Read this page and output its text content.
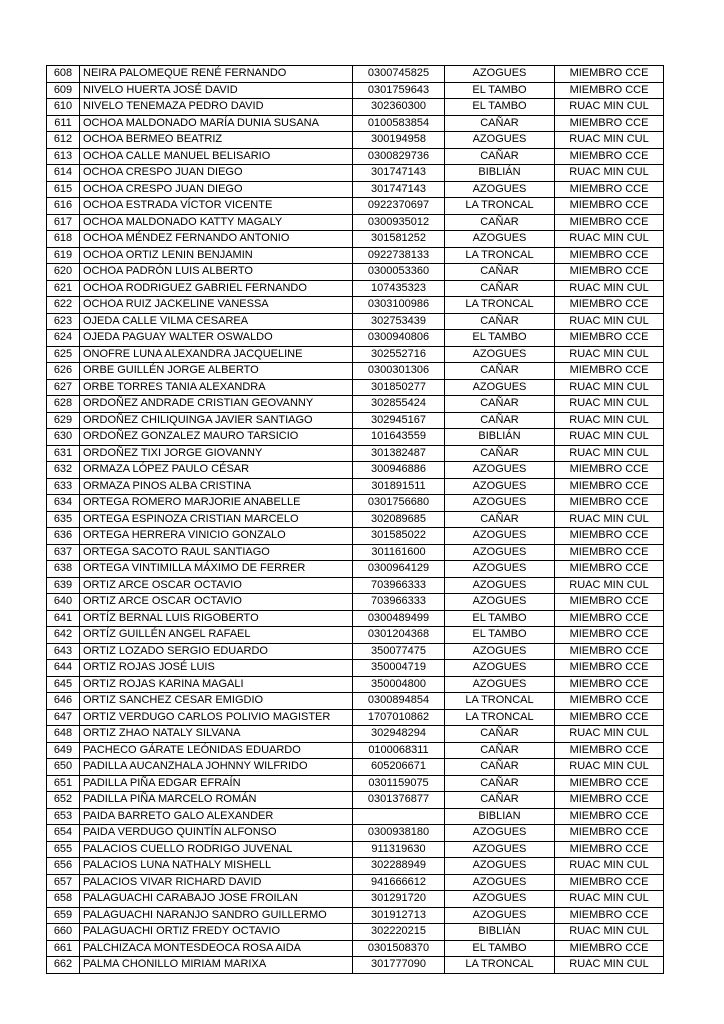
608	NEIRA PALOMEQUE RENÉ FERNANDO	0300745825	AZOGUES	MIEMBRO CCE
609	NIVELO HUERTA JOSÉ DAVID	0301759643	EL TAMBO	MIEMBRO CCE
610	NIVELO TENEMAZA PEDRO DAVID	302360300	EL TAMBO	RUAC MIN CUL
611	OCHOA MALDONADO MARÍA DUNIA SUSANA	0100583854	CAÑAR	MIEMBRO CCE
612	OCHOA BERMEO BEATRIZ	300194958	AZOGUES	RUAC MIN CUL
613	OCHOA CALLE MANUEL BELISARIO	0300829736	CAÑAR	MIEMBRO CCE
614	OCHOA CRESPO JUAN DIEGO	301747143	BIBLIÁN	RUAC MIN CUL
615	OCHOA CRESPO JUAN DIEGO	301747143	AZOGUES	MIEMBRO CCE
616	OCHOA ESTRADA VÍCTOR VICENTE	0922370697	LA TRONCAL	MIEMBRO CCE
617	OCHOA MALDONADO KATTY MAGALY	0300935012	CAÑAR	MIEMBRO CCE
618	OCHOA MÉNDEZ FERNANDO ANTONIO	301581252	AZOGUES	RUAC MIN CUL
619	OCHOA ORTIZ LENIN BENJAMIN	0922738133	LA TRONCAL	MIEMBRO CCE
620	OCHOA PADRÓN LUIS ALBERTO	0300053360	CAÑAR	MIEMBRO CCE
621	OCHOA RODRIGUEZ GABRIEL FERNANDO	107435323	CAÑAR	RUAC MIN CUL
622	OCHOA RUIZ JACKELINE VANESSA	0303100986	LA TRONCAL	MIEMBRO CCE
623	OJEDA CALLE VILMA CESAREA	302753439	CAÑAR	RUAC MIN CUL
624	OJEDA PAGUAY WALTER OSWALDO	0300940806	EL TAMBO	MIEMBRO CCE
625	ONOFRE LUNA ALEXANDRA JACQUELINE	302552716	AZOGUES	RUAC MIN CUL
626	ORBE GUILLÉN JORGE ALBERTO	0300301306	CAÑAR	MIEMBRO CCE
627	ORBE TORRES TANIA ALEXANDRA	301850277	AZOGUES	RUAC MIN CUL
628	ORDOÑEZ ANDRADE CRISTIAN GEOVANNY	302855424	CAÑAR	RUAC MIN CUL
629	ORDOÑEZ CHILIQUINGA JAVIER SANTIAGO	302945167	CAÑAR	RUAC MIN CUL
630	ORDOÑEZ GONZALEZ MAURO TARSICIO	101643559	BIBLIÁN	RUAC MIN CUL
631	ORDOÑEZ TIXI JORGE GIOVANNY	301382487	CAÑAR	RUAC MIN CUL
632	ORMAZA LÓPEZ PAULO CÉSAR	300946886	AZOGUES	MIEMBRO CCE
633	ORMAZA PINOS ALBA CRISTINA	301891511	AZOGUES	MIEMBRO CCE
634	ORTEGA ROMERO MARJORIE ANABELLE	0301756680	AZOGUES	MIEMBRO CCE
635	ORTEGA ESPINOZA CRISTIAN MARCELO	302089685	CAÑAR	RUAC MIN CUL
636	ORTEGA HERRERA VINICIO GONZALO	301585022	AZOGUES	MIEMBRO CCE
637	ORTEGA SACOTO RAUL SANTIAGO	301161600	AZOGUES	MIEMBRO CCE
638	ORTEGA VINTIMILLA MÁXIMO DE FERRER	0300964129	AZOGUES	MIEMBRO CCE
639	ORTIZ ARCE OSCAR OCTAVIO	703966333	AZOGUES	RUAC MIN CUL
640	ORTIZ ARCE OSCAR OCTAVIO	703966333	AZOGUES	MIEMBRO CCE
641	ORTÍZ BERNAL LUIS RIGOBERTO	0300489499	EL TAMBO	MIEMBRO CCE
642	ORTÍZ GUILLÉN ANGEL RAFAEL	0301204368	EL TAMBO	MIEMBRO CCE
643	ORTIZ LOZADO SERGIO EDUARDO	350077475	AZOGUES	MIEMBRO CCE
644	ORTIZ ROJAS JOSÉ LUIS	350004719	AZOGUES	MIEMBRO CCE
645	ORTIZ ROJAS KARINA MAGALI	350004800	AZOGUES	MIEMBRO CCE
646	ORTIZ SANCHEZ CESAR EMIGDIO	0300894854	LA TRONCAL	MIEMBRO CCE
647	ORTIZ VERDUGO CARLOS POLIVIO MAGISTER	1707010862	LA TRONCAL	MIEMBRO CCE
648	ORTIZ ZHAO NATALY SILVANA	302948294	CAÑAR	RUAC MIN CUL
649	PACHECO GÁRATE LEÓNIDAS EDUARDO	0100068311	CAÑAR	MIEMBRO CCE
650	PADILLA AUCANZHALA JOHNNY WILFRIDO	605206671	CAÑAR	RUAC MIN CUL
651	PADILLA PIÑA EDGAR EFRAÍN	0301159075	CAÑAR	MIEMBRO CCE
652	PADILLA PIÑA MARCELO ROMÁN	0301376877	CAÑAR	MIEMBRO CCE
653	PAIDA BARRETO GALO ALEXANDER		BIBLIAN	MIEMBRO CCE
654	PAIDA VERDUGO QUINTÍN ALFONSO	0300938180	AZOGUES	MIEMBRO CCE
655	PALACIOS CUELLO RODRIGO JUVENAL	911319630	AZOGUES	MIEMBRO CCE
656	PALACIOS LUNA NATHALY MISHELL	302288949	AZOGUES	RUAC MIN CUL
657	PALACIOS VIVAR RICHARD DAVID	941666612	AZOGUES	MIEMBRO CCE
658	PALAGUACHI CARABAJO JOSE FROILAN	301291720	AZOGUES	RUAC MIN CUL
659	PALAGUACHI NARANJO SANDRO GUILLERMO	301912713	AZOGUES	MIEMBRO CCE
660	PALAGUACHI ORTIZ FREDY OCTAVIO	302220215	BIBLIÁN	RUAC MIN CUL
661	PALCHIZACA MONTESDEOCA ROSA AIDA	0301508370	EL TAMBO	MIEMBRO CCE
662	PALMA CHONILLO MIRIAM MARIXA	301777090	LA TRONCAL	RUAC MIN CUL
